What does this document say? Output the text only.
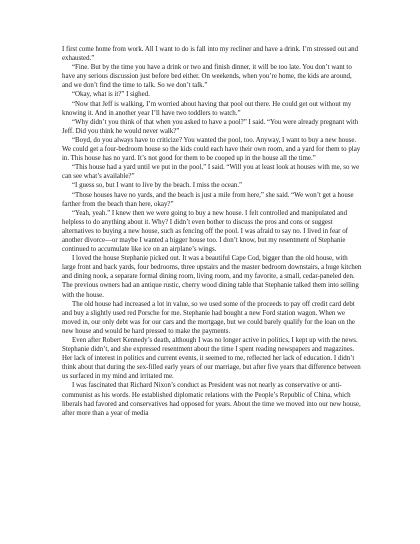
I first come home from work. All I want to do is fall into my recliner and have a drink. I’m stressed out and exhausted.”

“Fine. But by the time you have a drink or two and finish dinner, it will be too late. You don’t want to have any serious discussion just before bed either. On weekends, when you’re home, the kids are around, and we don’t find the time to talk. So we don’t talk.”

“Okay, what is it?” I sighed.

“Now that Jeff is walking, I’m worried about having that pool out there. He could get out without my knowing it. And in another year I’ll have two toddlers to watch.”

“Why didn’t you think of that when you asked to have a pool?” I said. “You were already pregnant with Jeff. Did you think he would never walk?”

“Boyd, do you always have to criticize? You wanted the pool, too. Anyway, I want to buy a new house. We could get a four-bedroom house so the kids could each have their own room, and a yard for them to play in. This house has no yard. It’s not good for them to be cooped up in the house all the time.”

“This house had a yard until we put in the pool,” I said. “Will you at least look at houses with me, so we can see what’s available?”

“I guess so, but I want to live by the beach. I miss the ocean.”

“Those houses have no yards, and the beach is just a mile from here,” she said. “We won’t get a house farther from the beach than here, okay?”

“Yeah, yeah.” I knew then we were going to buy a new house. I felt controlled and manipulated and helpless to do anything about it. Why? I didn’t even bother to discuss the pros and cons or suggest alternatives to buying a new house, such as fencing off the pool. I was afraid to say no. I lived in fear of another divorce—or maybe I wanted a bigger house too. I don’t know, but my resentment of Stephanie continued to accumulate like ice on an airplane’s wings.

I loved the house Stephanie picked out. It was a beautiful Cape Cod, bigger than the old house, with large front and back yards, four bedrooms, three upstairs and the master bedroom downstairs, a huge kitchen and dining nook, a separate formal dining room, living room, and my favorite, a small, cedar-paneled den. The previous owners had an antique rustic, cherry wood dining table that Stephanie talked them into selling with the house.

The old house had increased a lot in value, so we used some of the proceeds to pay off credit card debt and buy a slightly used red Porsche for me. Stephanie had bought a new Ford station wagon. When we moved in, our only debt was for our cars and the mortgage, but we could barely qualify for the loan on the new house and would be hard pressed to make the payments.

Even after Robert Kennedy’s death, although I was no longer active in politics, I kept up with the news. Stephanie didn’t, and she expressed resentment about the time I spent reading newspapers and magazines. Her lack of interest in politics and current events, it seemed to me, reflected her lack of education. I didn’t think about that during the sex-filled early years of our marriage, but after five years that difference between us surfaced in my mind and irritated me.

I was fascinated that Richard Nixon’s conduct as President was not nearly as conservative or anti-communist as his words. He established diplomatic relations with the People’s Republic of China, which liberals had favored and conservatives had opposed for years. About the time we moved into our new house, after more than a year of media
